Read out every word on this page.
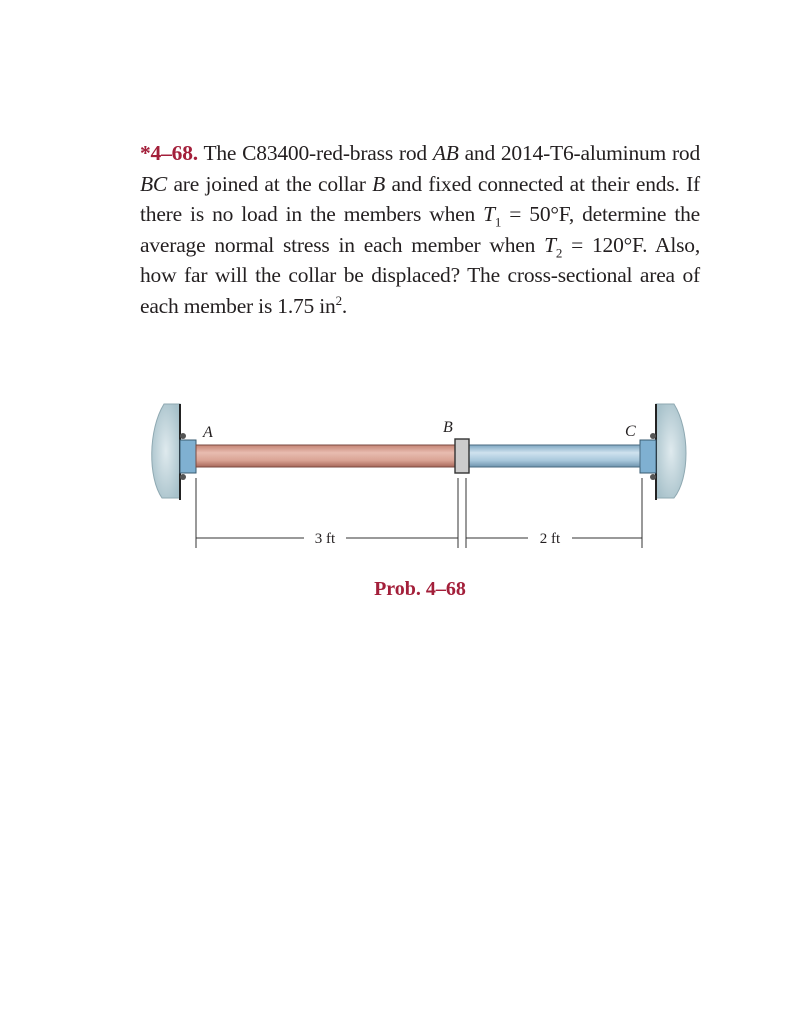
*4–68. The C83400-red-brass rod AB and 2014-T6-aluminum rod BC are joined at the collar B and fixed connected at their ends. If there is no load in the members when $T_1 = 50^\circ F$, determine the average normal stress in each member when $T_2 = 120^\circ F$. Also, how far will the collar be displaced? The cross-sectional area of each member is 1.75 $in^2$.
A	B	C
3 ft	2 ft
Prob. 4–68
